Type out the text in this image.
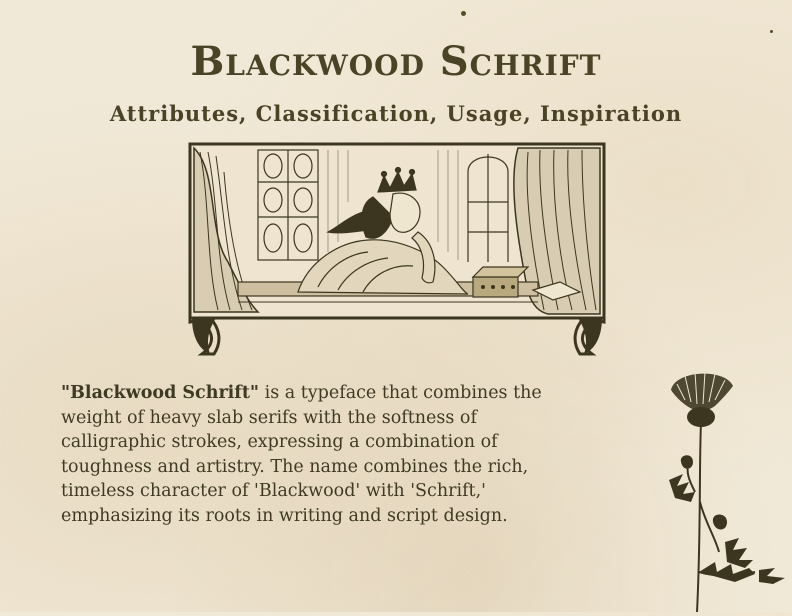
Blackwood Schrift
Attributes, Classification, Usage, Inspiration

"Blackwood Schrift" is a typeface that combines the weight of heavy slab serifs with the softness of calligraphic strokes, expressing a combination of toughness and artistry. The name combines the rich, timeless character of 'Blackwood' with 'Schrift,' emphasizing its roots in writing and script design.
